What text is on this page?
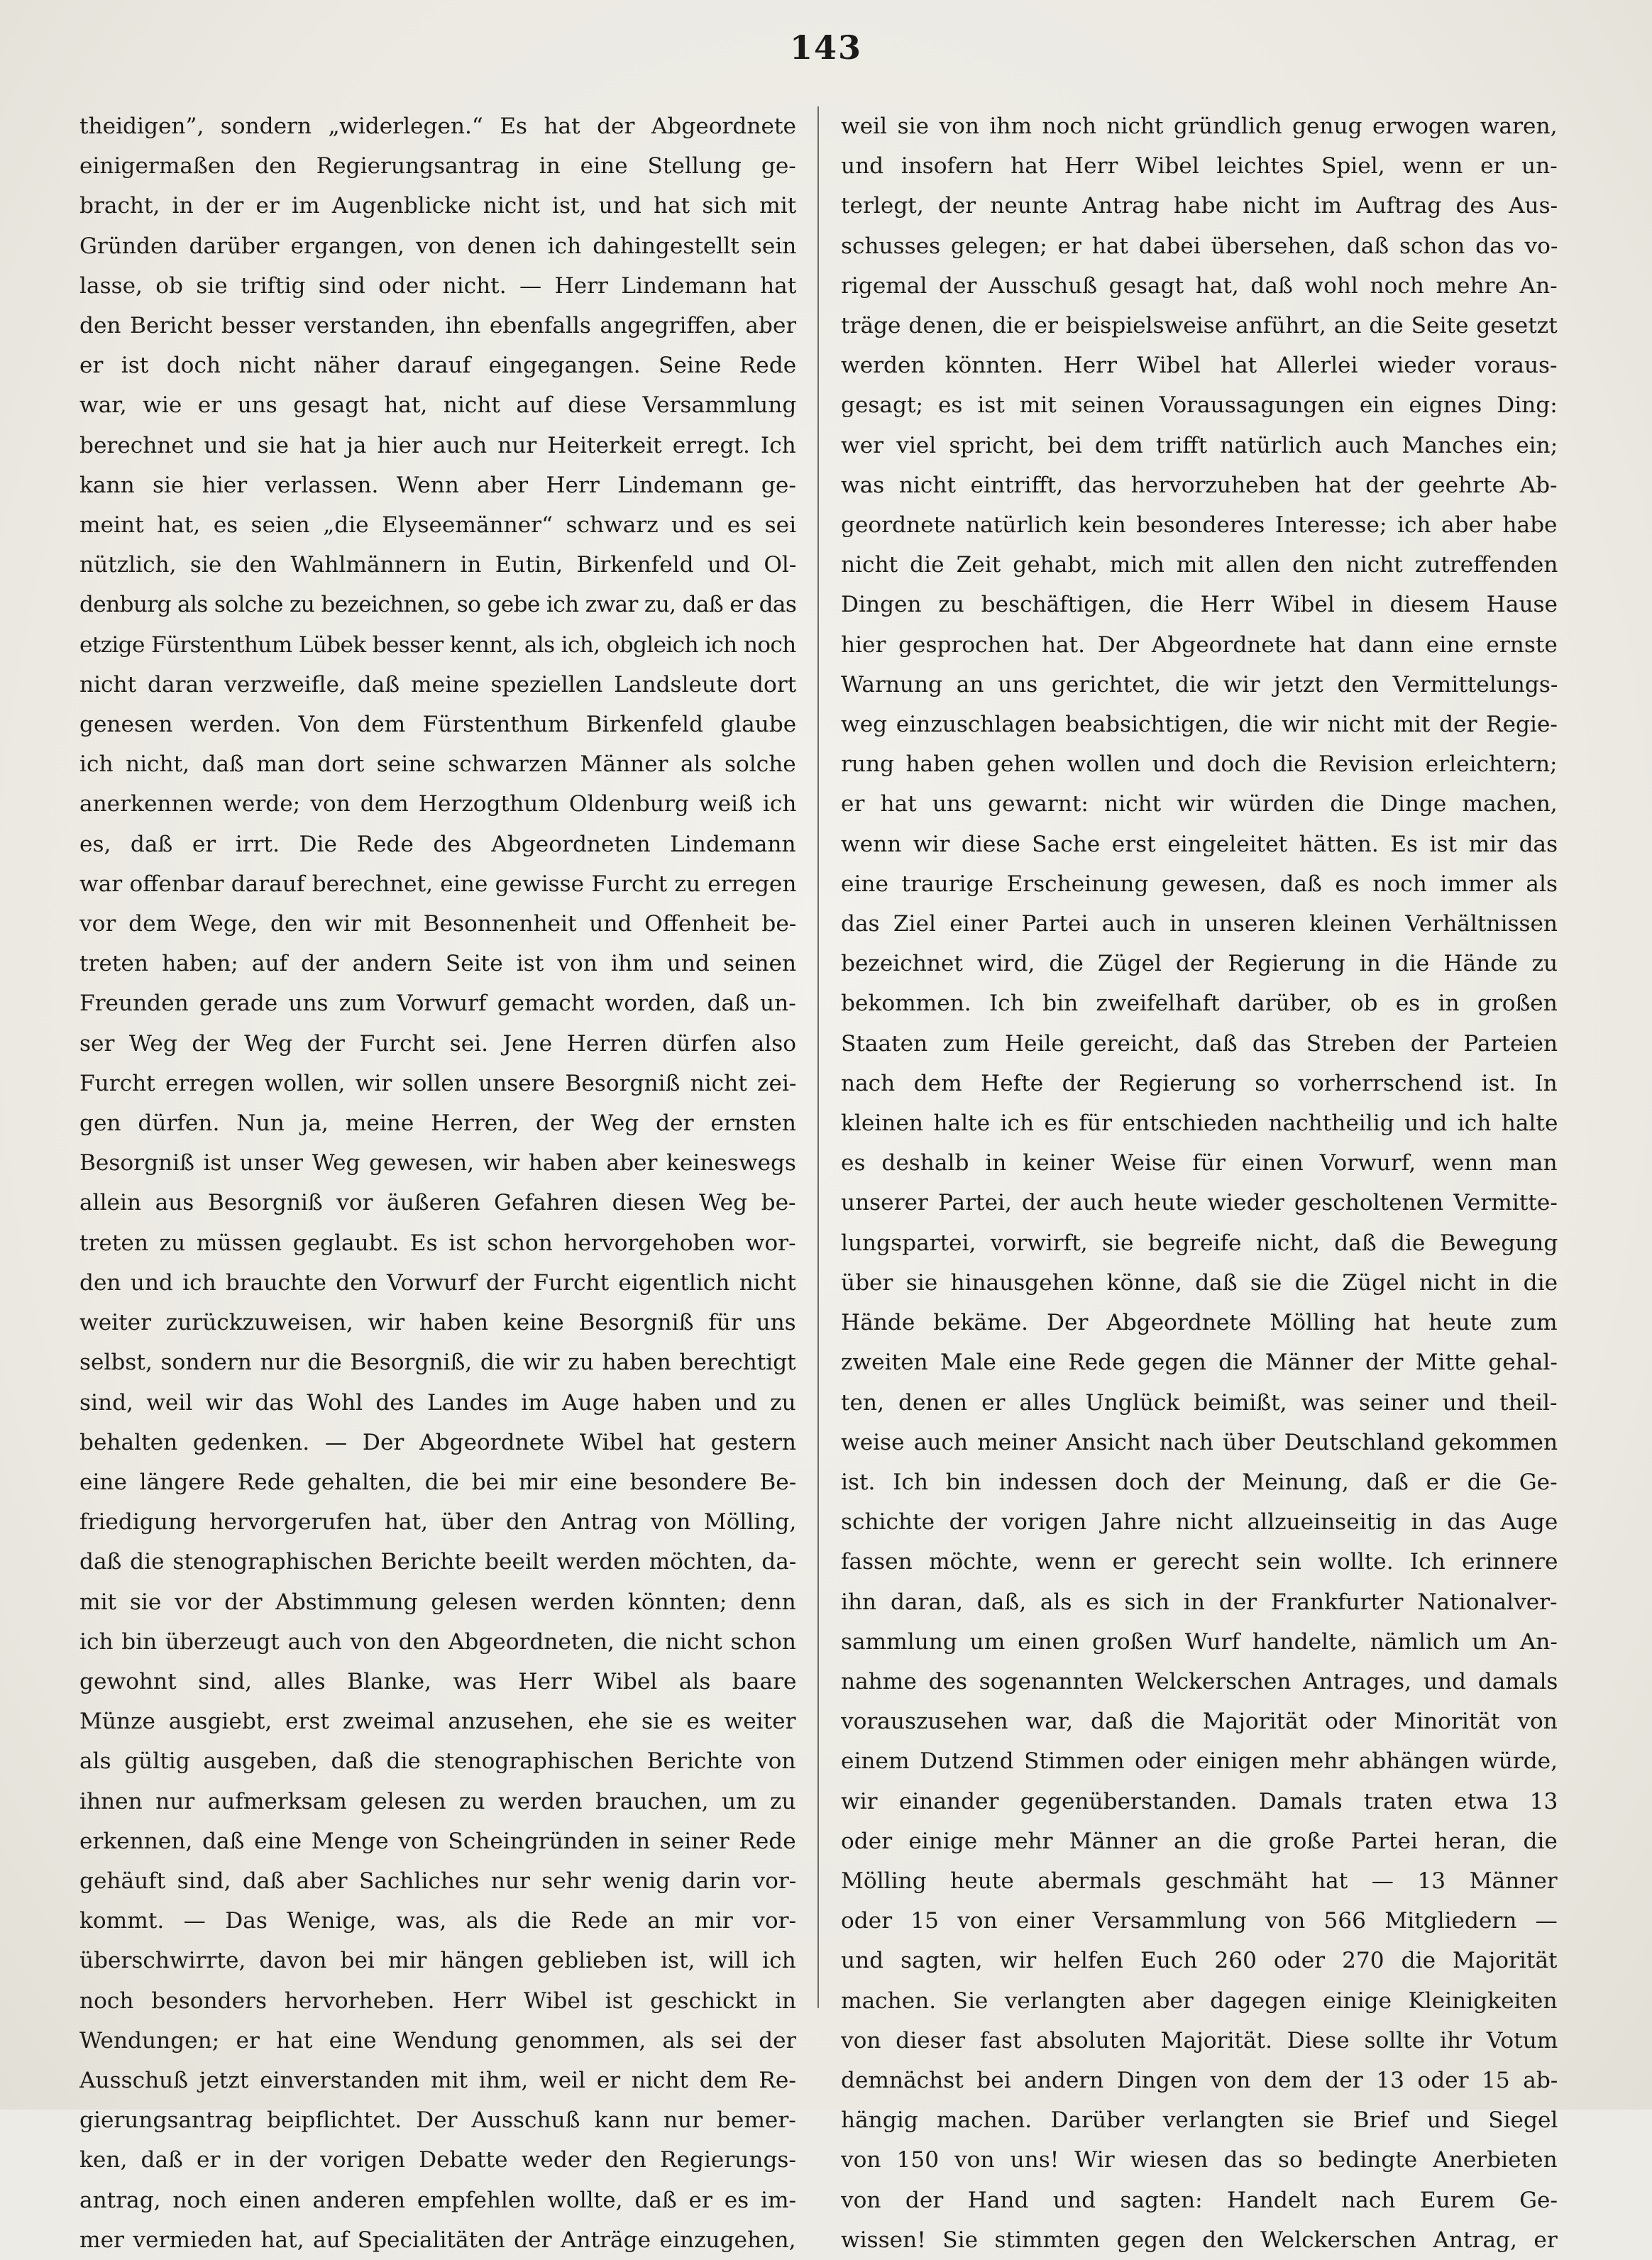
143
theidigen”, sondern „widerlegen.“ Es hat der Abgeordnete
einigermaßen den Regierungsantrag in eine Stellung ge-
bracht, in der er im Augenblicke nicht ist, und hat sich mit
Gründen darüber ergangen, von denen ich dahingestellt sein
lasse, ob sie triftig sind oder nicht. — Herr Lindemann hat
den Bericht besser verstanden, ihn ebenfalls angegriffen, aber
er ist doch nicht näher darauf eingegangen. Seine Rede
war, wie er uns gesagt hat, nicht auf diese Versammlung
berechnet und sie hat ja hier auch nur Heiterkeit erregt. Ich
kann sie hier verlassen. Wenn aber Herr Lindemann ge-
meint hat, es seien „die Elyseemänner“ schwarz und es sei
nützlich, sie den Wahlmännern in Eutin, Birkenfeld und Ol-
denburg als solche zu bezeichnen, so gebe ich zwar zu, daß er das
etzige Fürstenthum Lübek besser kennt, als ich, obgleich ich noch
nicht daran verzweifle, daß meine speziellen Landsleute dort
genesen werden. Von dem Fürstenthum Birkenfeld glaube
ich nicht, daß man dort seine schwarzen Männer als solche
anerkennen werde; von dem Herzogthum Oldenburg weiß ich
es, daß er irrt. Die Rede des Abgeordneten Lindemann
war offenbar darauf berechnet, eine gewisse Furcht zu erregen
vor dem Wege, den wir mit Besonnenheit und Offenheit be-
treten haben; auf der andern Seite ist von ihm und seinen
Freunden gerade uns zum Vorwurf gemacht worden, daß un-
ser Weg der Weg der Furcht sei. Jene Herren dürfen also
Furcht erregen wollen, wir sollen unsere Besorgniß nicht zei-
gen dürfen. Nun ja, meine Herren, der Weg der ernsten
Besorgniß ist unser Weg gewesen, wir haben aber keineswegs
allein aus Besorgniß vor äußeren Gefahren diesen Weg be-
treten zu müssen geglaubt. Es ist schon hervorgehoben wor-
den und ich brauchte den Vorwurf der Furcht eigentlich nicht
weiter zurückzuweisen, wir haben keine Besorgniß für uns
selbst, sondern nur die Besorgniß, die wir zu haben berechtigt
sind, weil wir das Wohl des Landes im Auge haben und zu
behalten gedenken. — Der Abgeordnete Wibel hat gestern
eine längere Rede gehalten, die bei mir eine besondere Be-
friedigung hervorgerufen hat, über den Antrag von Mölling,
daß die stenographischen Berichte beeilt werden möchten, da-
mit sie vor der Abstimmung gelesen werden könnten; denn
ich bin überzeugt auch von den Abgeordneten, die nicht schon
gewohnt sind, alles Blanke, was Herr Wibel als baare
Münze ausgiebt, erst zweimal anzusehen, ehe sie es weiter
als gültig ausgeben, daß die stenographischen Berichte von
ihnen nur aufmerksam gelesen zu werden brauchen, um zu
erkennen, daß eine Menge von Scheingründen in seiner Rede
gehäuft sind, daß aber Sachliches nur sehr wenig darin vor-
kommt. — Das Wenige, was, als die Rede an mir vor-
überschwirrte, davon bei mir hängen geblieben ist, will ich
noch besonders hervorheben. Herr Wibel ist geschickt in
Wendungen; er hat eine Wendung genommen, als sei der
Ausschuß jetzt einverstanden mit ihm, weil er nicht dem Re-
gierungsantrag beipflichtet. Der Ausschuß kann nur bemer-
ken, daß er in der vorigen Debatte weder den Regierungs-
antrag, noch einen anderen empfehlen wollte, daß er es im-
mer vermieden hat, auf Specialitäten der Anträge einzugehen,
weil sie von ihm noch nicht gründlich genug erwogen waren,
und insofern hat Herr Wibel leichtes Spiel, wenn er un-
terlegt, der neunte Antrag habe nicht im Auftrag des Aus-
schusses gelegen; er hat dabei übersehen, daß schon das vo-
rigemal der Ausschuß gesagt hat, daß wohl noch mehre An-
träge denen, die er beispielsweise anführt, an die Seite gesetzt
werden könnten. Herr Wibel hat Allerlei wieder voraus-
gesagt; es ist mit seinen Voraussagungen ein eignes Ding:
wer viel spricht, bei dem trifft natürlich auch Manches ein;
was nicht eintrifft, das hervorzuheben hat der geehrte Ab-
geordnete natürlich kein besonderes Interesse; ich aber habe
nicht die Zeit gehabt, mich mit allen den nicht zutreffenden
Dingen zu beschäftigen, die Herr Wibel in diesem Hause
hier gesprochen hat. Der Abgeordnete hat dann eine ernste
Warnung an uns gerichtet, die wir jetzt den Vermittelungs-
weg einzuschlagen beabsichtigen, die wir nicht mit der Regie-
rung haben gehen wollen und doch die Revision erleichtern;
er hat uns gewarnt: nicht wir würden die Dinge machen,
wenn wir diese Sache erst eingeleitet hätten. Es ist mir das
eine traurige Erscheinung gewesen, daß es noch immer als
das Ziel einer Partei auch in unseren kleinen Verhältnissen
bezeichnet wird, die Zügel der Regierung in die Hände zu
bekommen. Ich bin zweifelhaft darüber, ob es in großen
Staaten zum Heile gereicht, daß das Streben der Parteien
nach dem Hefte der Regierung so vorherrschend ist. In
kleinen halte ich es für entschieden nachtheilig und ich halte
es deshalb in keiner Weise für einen Vorwurf, wenn man
unserer Partei, der auch heute wieder gescholtenen Vermitte-
lungspartei, vorwirft, sie begreife nicht, daß die Bewegung
über sie hinausgehen könne, daß sie die Zügel nicht in die
Hände bekäme. Der Abgeordnete Mölling hat heute zum
zweiten Male eine Rede gegen die Männer der Mitte gehal-
ten, denen er alles Unglück beimißt, was seiner und theil-
weise auch meiner Ansicht nach über Deutschland gekommen
ist. Ich bin indessen doch der Meinung, daß er die Ge-
schichte der vorigen Jahre nicht allzueinseitig in das Auge
fassen möchte, wenn er gerecht sein wollte. Ich erinnere
ihn daran, daß, als es sich in der Frankfurter Nationalver-
sammlung um einen großen Wurf handelte, nämlich um An-
nahme des sogenannten Welckerschen Antrages, und damals
vorauszusehen war, daß die Majorität oder Minorität von
einem Dutzend Stimmen oder einigen mehr abhängen würde,
wir einander gegenüberstanden. Damals traten etwa 13
oder einige mehr Männer an die große Partei heran, die
Mölling heute abermals geschmäht hat — 13 Männer
oder 15 von einer Versammlung von 566 Mitgliedern —
und sagten, wir helfen Euch 260 oder 270 die Majorität
machen. Sie verlangten aber dagegen einige Kleinigkeiten
von dieser fast absoluten Majorität. Diese sollte ihr Votum
demnächst bei andern Dingen von dem der 13 oder 15 ab-
hängig machen. Darüber verlangten sie Brief und Siegel
von 150 von uns! Wir wiesen das so bedingte Anerbieten
von der Hand und sagten: Handelt nach Eurem Ge-
wissen! Sie stimmten gegen den Welckerschen Antrag, er
